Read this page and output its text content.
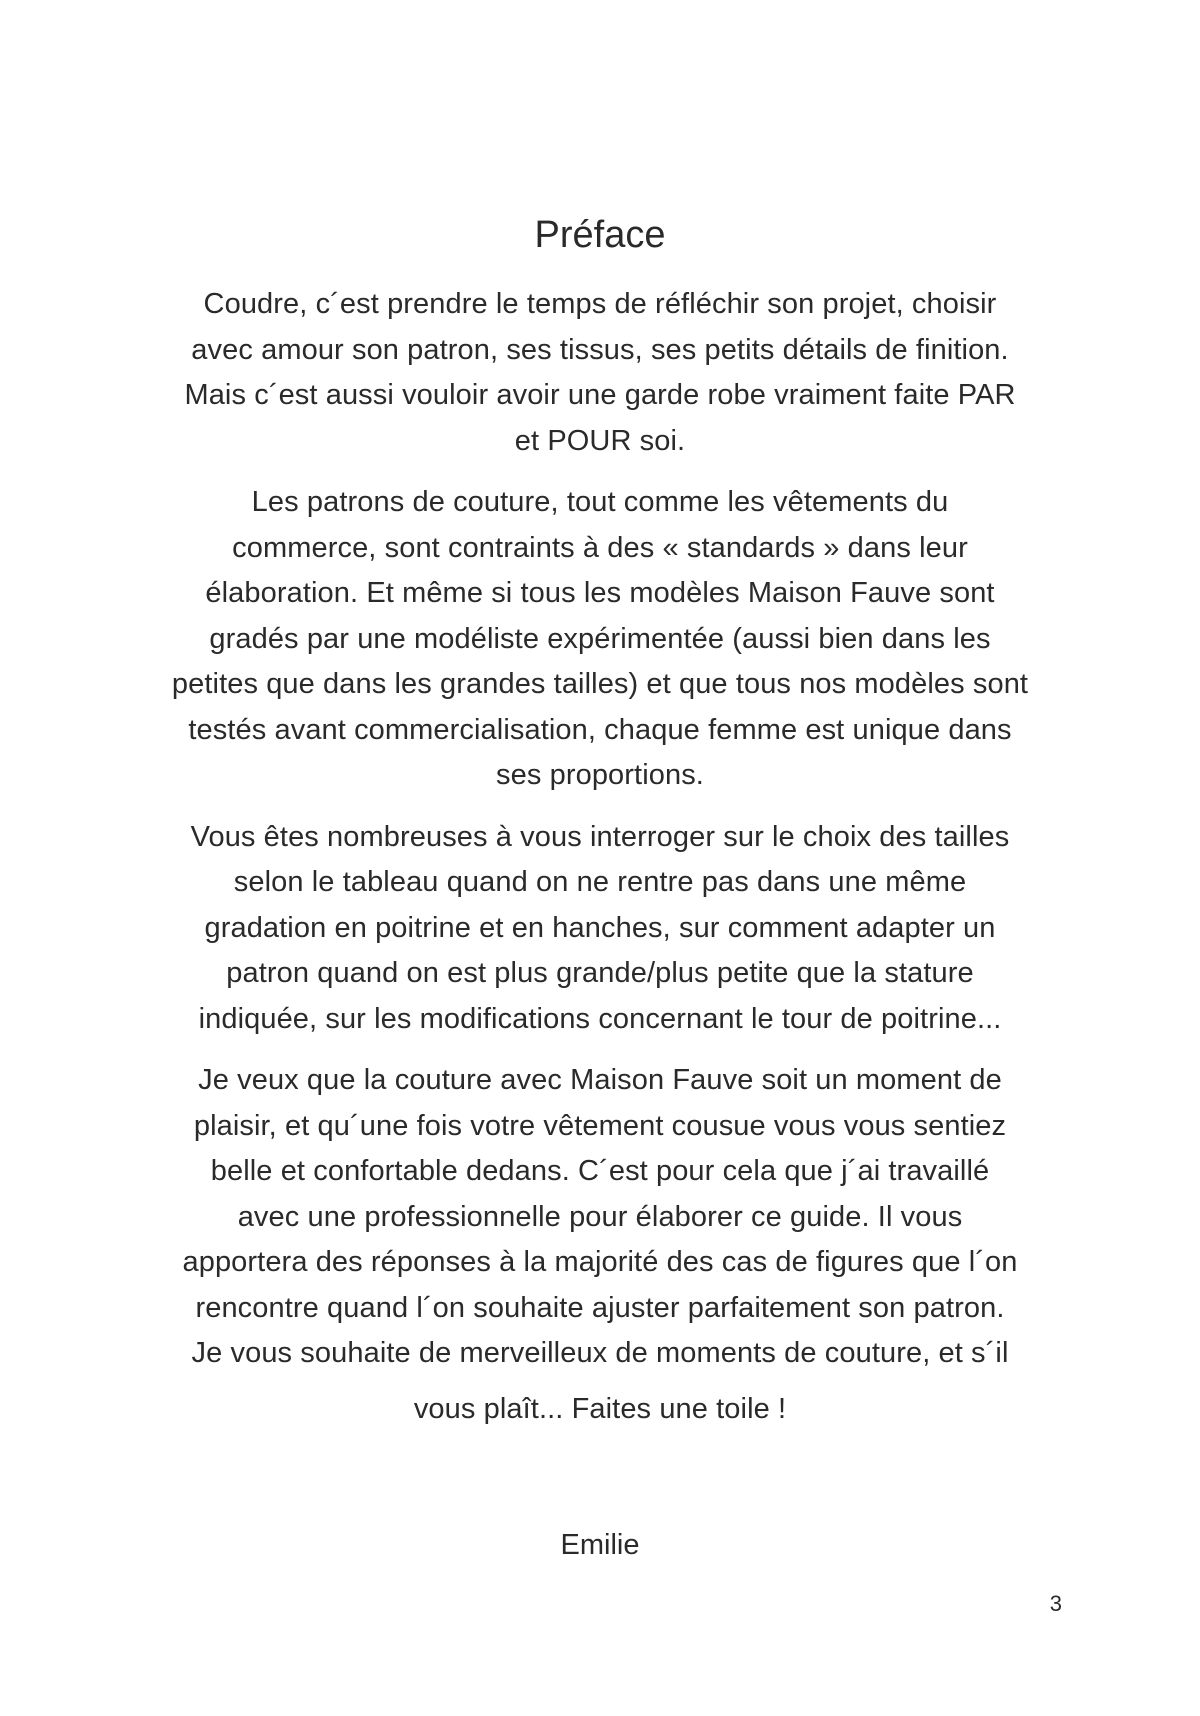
Préface
Coudre, c´est prendre le temps de réfléchir son projet, choisir
avec amour son patron, ses tissus, ses petits détails de finition.
Mais c´est aussi vouloir avoir une garde robe vraiment faite PAR
et POUR soi.
Les patrons de couture, tout comme les vêtements du
commerce, sont contraints à des « standards » dans leur
élaboration. Et même si tous les modèles Maison Fauve sont
gradés par une modéliste expérimentée (aussi bien dans les
petites que dans les grandes tailles) et que tous nos modèles sont
testés avant commercialisation, chaque femme est unique dans
ses proportions.
Vous êtes nombreuses à vous interroger sur le choix des tailles
selon le tableau quand on ne rentre pas dans une même
gradation en poitrine et en hanches, sur comment adapter un
patron quand on est plus grande/plus petite que la stature
indiquée, sur les modifications concernant le tour de poitrine...
Je veux que la couture avec Maison Fauve soit un moment de
plaisir, et qu´une fois votre vêtement cousue vous vous sentiez
belle et confortable dedans. C´est pour cela que j´ai travaillé
avec une professionnelle pour élaborer ce guide. Il vous
apportera des réponses à la majorité des cas de figures que l´on
rencontre quand l´on souhaite ajuster parfaitement son patron.
Je vous souhaite de merveilleux de moments de couture, et s´il
vous plaît... Faites une toile !
Emilie
3
